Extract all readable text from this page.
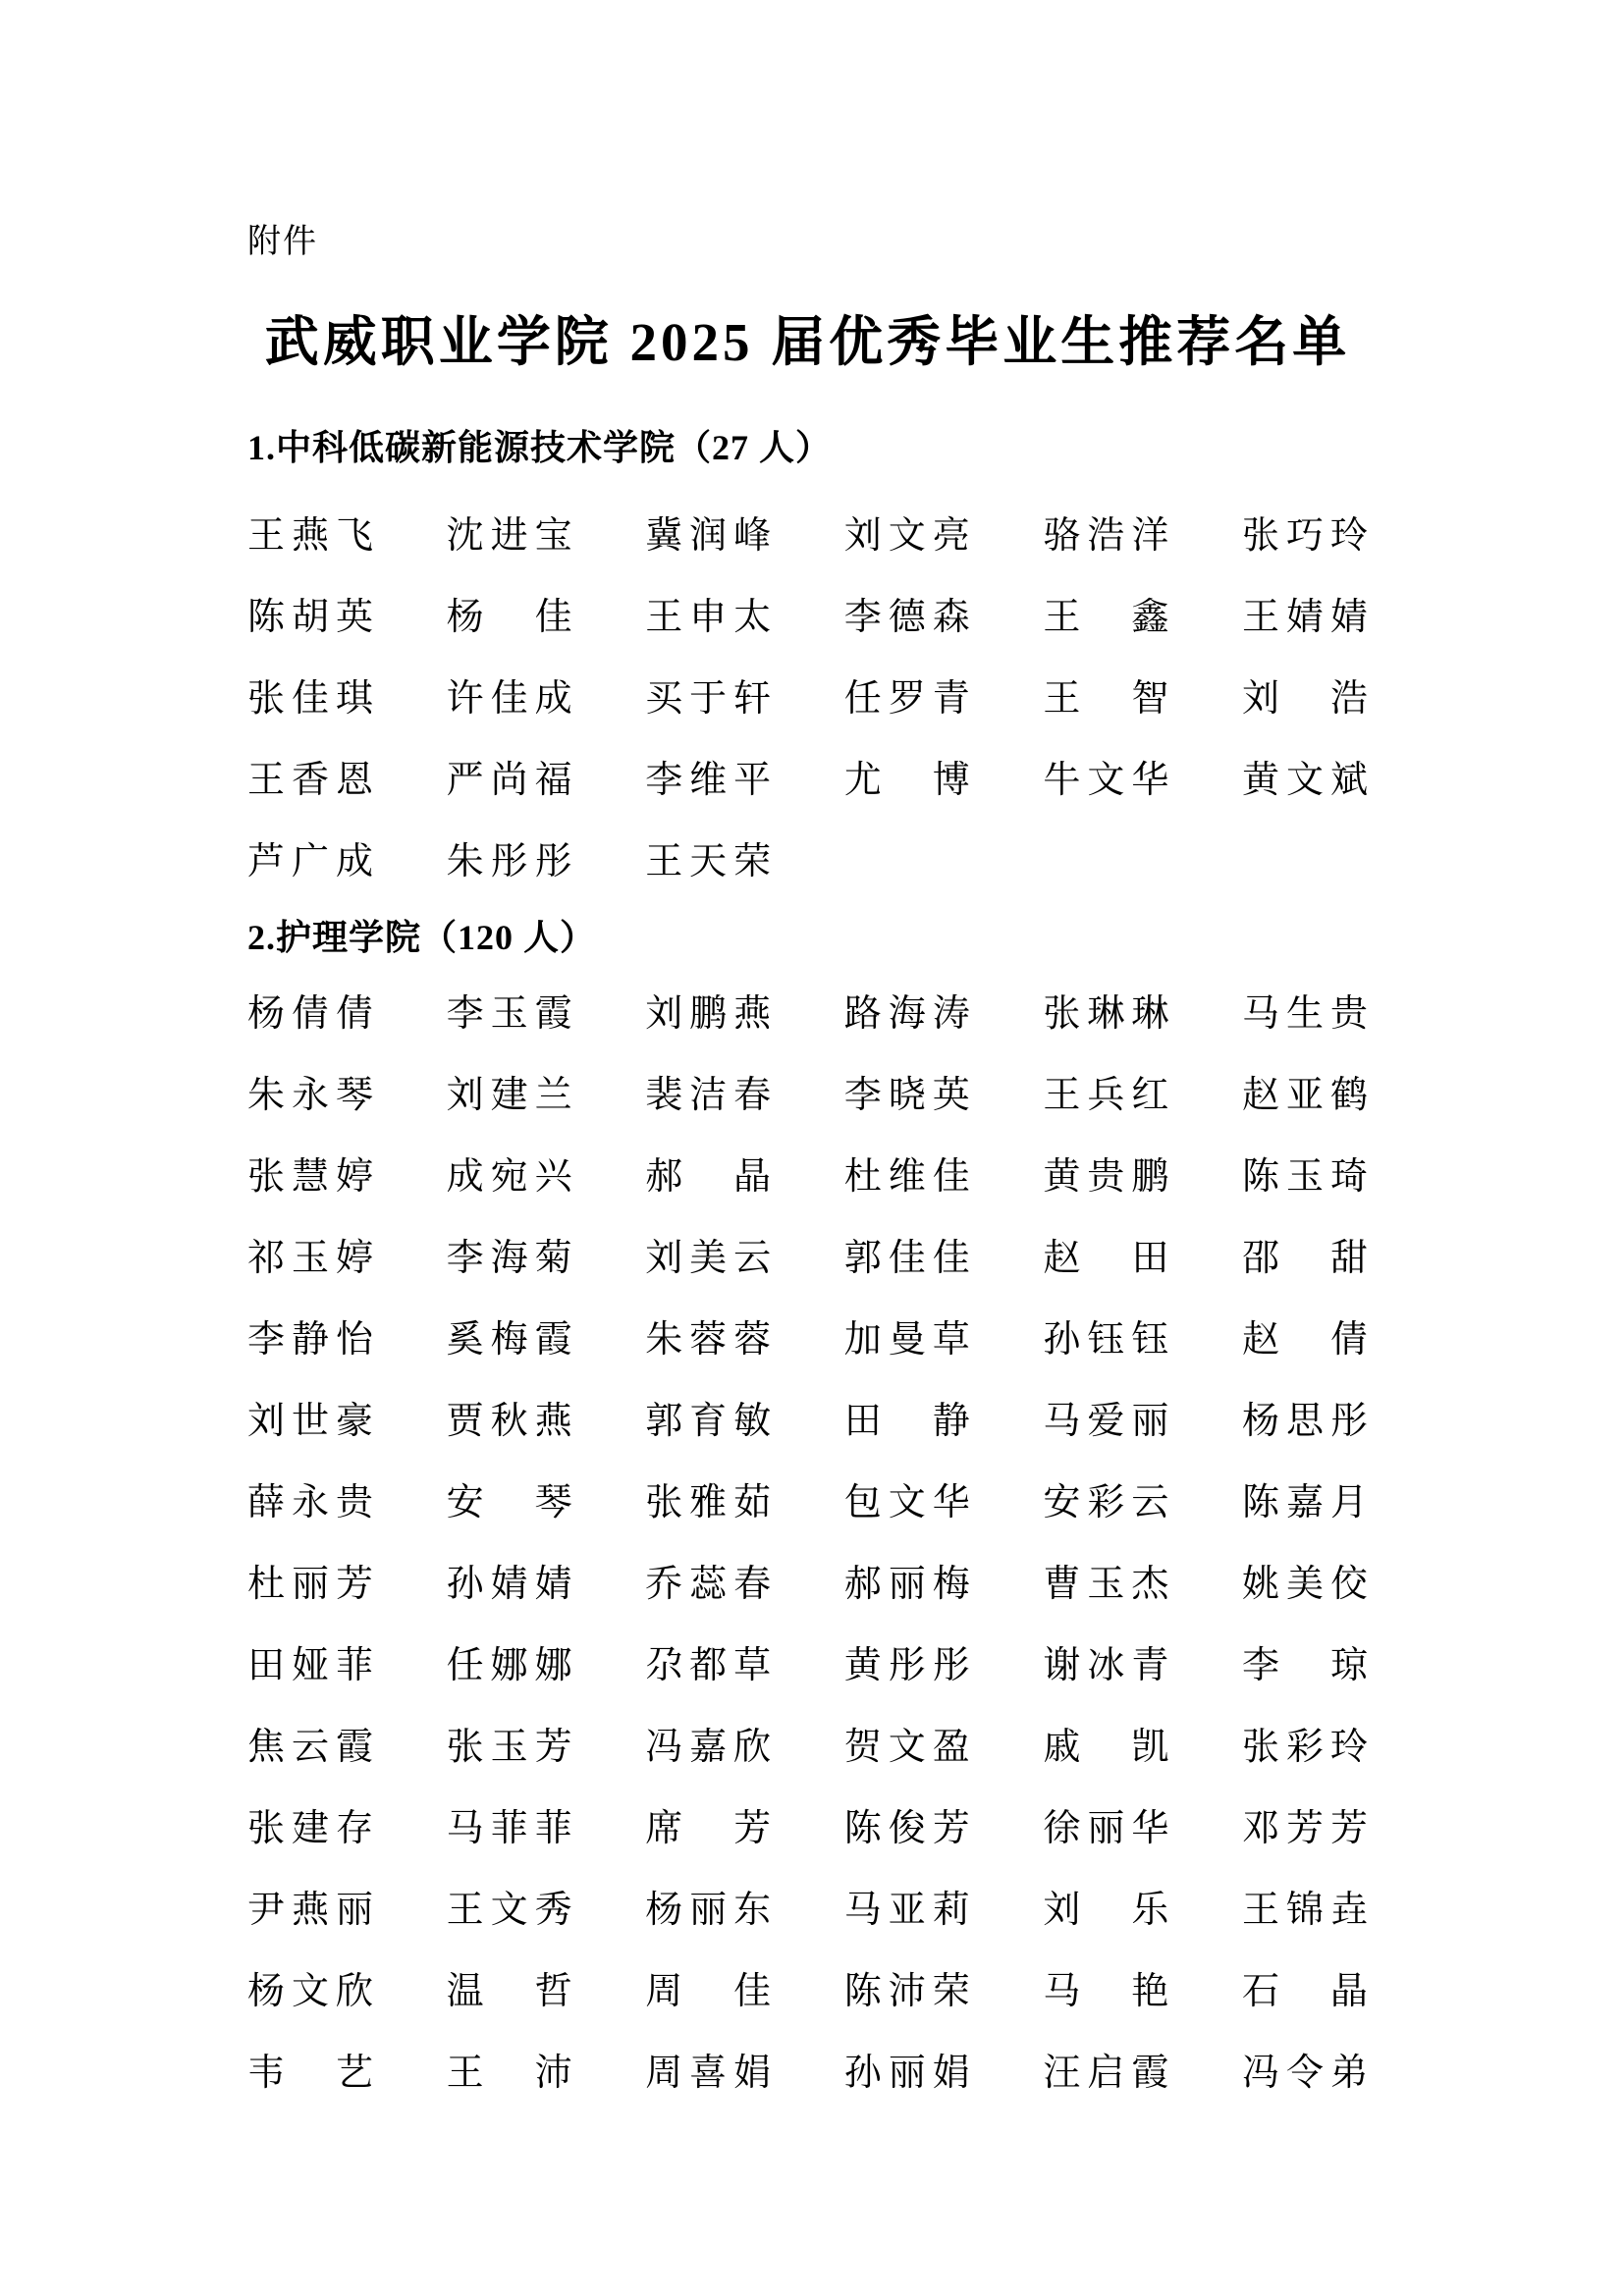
附件
武威职业学院 2025 届优秀毕业生推荐名单
1.中科低碳新能源技术学院（27 人）
王 燕 飞 沈 进 宝 冀 润 峰 刘 文 亮 骆 浩 洋 张 巧 玲
陈 胡 英 杨 佳 王 申 太 李 德 森 王 鑫 王 婧 婧
张 佳 琪 许 佳 成 买 于 轩 任 罗 青 王 智 刘 浩
王 香 恩 严 尚 福 李 维 平 尤 博 牛 文 华 黄 文 斌
芦 广 成 朱 彤 彤 王 天 荣
2.护理学院（120 人）
杨 倩 倩 李 玉 霞 刘 鹏 燕 路 海 涛 张 琳 琳 马 生 贵
朱 永 琴 刘 建 兰 裴 洁 春 李 晓 英 王 兵 红 赵 亚 鹤
张 慧 婷 成 宛 兴 郝 晶 杜 维 佳 黄 贵 鹏 陈 玉 琦
祁 玉 婷 李 海 菊 刘 美 云 郭 佳 佳 赵 田 邵 甜
李 静 怡 奚 梅 霞 朱 蓉 蓉 加 曼 草 孙 钰 钰 赵 倩
刘 世 豪 贾 秋 燕 郭 育 敏 田 静 马 爱 丽 杨 思 彤
薛 永 贵 安 琴 张 雅 茹 包 文 华 安 彩 云 陈 嘉 月
杜 丽 芳 孙 婧 婧 乔 蕊 春 郝 丽 梅 曹 玉 杰 姚 美 佼
田 娅 菲 任 娜 娜 尕 都 草 黄 彤 彤 谢 冰 青 李 琼
焦 云 霞 张 玉 芳 冯 嘉 欣 贺 文 盈 戚 凯 张 彩 玲
张 建 存 马 菲 菲 席 芳 陈 俊 芳 徐 丽 华 邓 芳 芳
尹 燕 丽 王 文 秀 杨 丽 东 马 亚 莉 刘 乐 王 锦 垚
杨 文 欣 温 哲 周 佳 陈 沛 荣 马 艳 石 晶
韦 艺 王 沛 周 喜 娟 孙 丽 娟 汪 启 霞 冯 令 弟
